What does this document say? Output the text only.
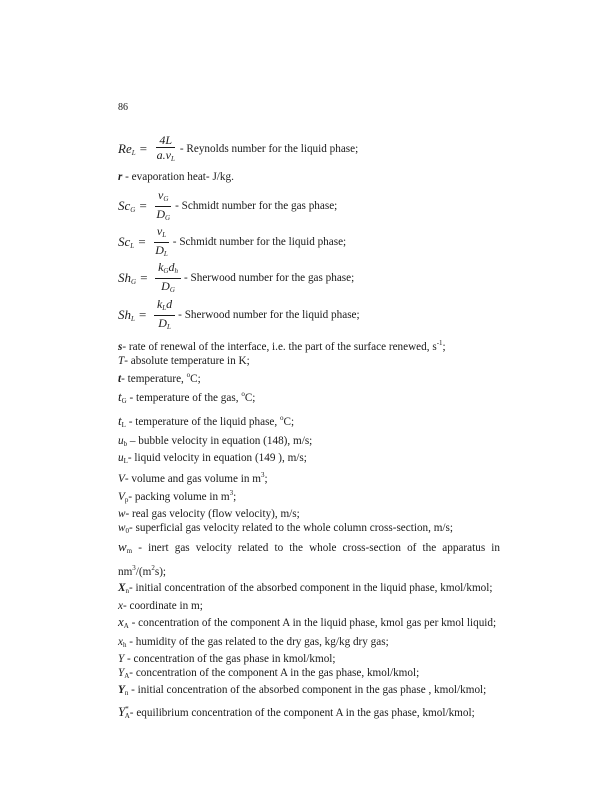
86
$Re_L = \frac{4L}{a.v_L}$ - Reynolds number for the liquid phase;
r - evaporation heat- J/kg.
$Sc_G = \frac{v_G}{D_G}$ - Schmidt number for the gas phase;
$Sc_L = \frac{v_L}{D_L}$ - Schmidt number for the liquid phase;
$Sh_G = \frac{k_Gd_h}{D_G}$ - Sherwood number for the gas phase;
$Sh_L = \frac{k_Ld}{D_L}$ - Sherwood number for the liquid phase;
s- rate of renewal of the interface, i.e. the part of the surface renewed, $s^{-1}$;
T- absolute temperature in K;
t- temperature, $^o$C;
$t_G$ - temperature of the gas, $^o$C;
$t_L$ - temperature of the liquid phase, $^o$C;
$u_b$ – bubble velocity in equation (148), m/s;
$u_L-$ liquid velocity in equation (149 ), m/s;
V- volume and gas volume in $m^3$;
$V_p-$ packing volume in $m^3$;
w- real gas velocity (flow velocity), m/s;
$w_0-$ superficial gas velocity related to the whole column cross-section, m/s;
$w_m$ - inert gas velocity related to the whole cross-section of the apparatus in $nm^3/(m^2s)$;
$X_n-$ initial concentration of the absorbed component in the liquid phase, kmol/kmol;
x- coordinate in m;
$x_A$ - concentration of the component A in the liquid phase, kmol gas per kmol liquid;
$x_h$ - humidity of the gas related to the dry gas, kg/kg dry gas;
Y - concentration of the gas phase in kmol/kmol;
$Y_A-$ concentration of the component A in the gas phase, kmol/kmol;
$Y_n$ - initial concentration of the absorbed component in the gas phase , kmol/kmol;
$Y^*_A-$ equilibrium concentration of the component A in the gas phase, kmol/kmol;
